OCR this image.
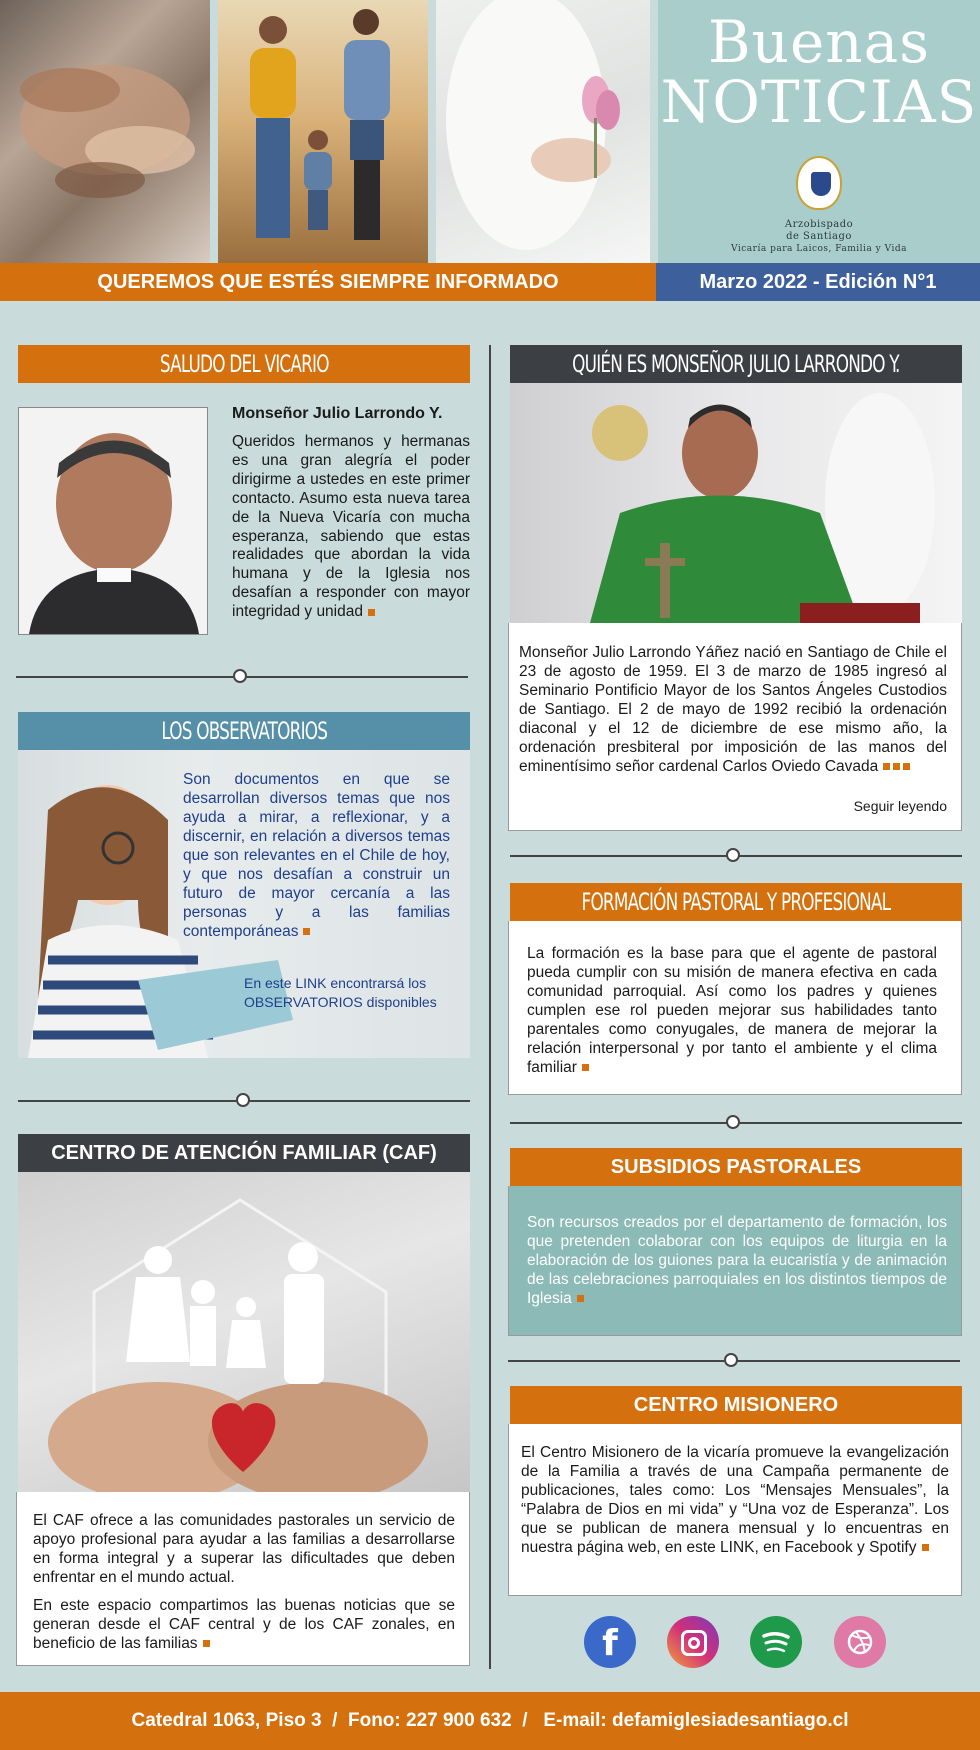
Buenas
NOTICIAS
Arzobispado
de Santiago
Vicaría para Laicos, Familia y Vida
QUEREMOS QUE ESTÉS SIEMPRE INFORMADO	Marzo 2022 - Edición N°1
SALUDO DEL VICARIO
Monseñor Julio Larrondo Y.
Queridos hermanos y hermanas es una gran alegría el poder dirigirme a ustedes en este primer contacto. Asumo esta nueva tarea de la Nueva Vicaría con mucha esperanza, sabiendo que estas realidades que abordan la vida humana y de la Iglesia nos desafían a responder con mayor integridad y unidad
LOS OBSERVATORIOS
Son documentos en que se desarrollan diversos temas que nos ayuda a mirar, a reflexionar, y a discernir, en relación a diversos temas que son relevantes en el Chile de hoy, y que nos desafían a construir un futuro de mayor cercanía a las personas y a las familias contemporáneas
En este LINK encontrarsá los
OBSERVATORIOS disponibles
CENTRO DE ATENCIÓN FAMILIAR (CAF)
El CAF ofrece a las comunidades pastorales un servicio de apoyo profesional para ayudar a las familias a desarrollarse en forma integral y a superar las dificultades que deben enfrentar en el mundo actual.
En este espacio compartimos las buenas noticias que se generan desde el CAF central y de los CAF zonales, en beneficio de las familias
QUIÉN ES MONSEÑOR JULIO LARRONDO Y.
Monseñor Julio Larrondo Yáñez nació en Santiago de Chile el 23 de agosto de 1959. El 3 de marzo de 1985 ingresó al Seminario Pontificio Mayor de los Santos Ángeles Custodios de Santiago. El 2 de mayo de 1992 recibió la ordenación diaconal y el 12 de diciembre de ese mismo año, la ordenación presbiteral por imposición de las manos del eminentísimo señor cardenal Carlos Oviedo Cavada
Seguir leyendo
FORMACIÓN PASTORAL Y PROFESIONAL
La formación es la base para que el agente de pastoral pueda cumplir con su misión de manera efectiva en cada comunidad parroquial. Así como los padres y quienes cumplen ese rol pueden mejorar sus habilidades tanto parentales como conyugales, de manera de mejorar la relación interpersonal y por tanto el ambiente y el clima familiar
SUBSIDIOS PASTORALES
Son recursos creados por el departamento de formación, los que pretenden colaborar con los equipos de liturgia en la elaboración de los guiones para la eucaristía y de animación de las celebraciones parroquiales en los distintos tiempos de Iglesia
CENTRO MISIONERO
El Centro Misionero de la vicaría promueve la evangelización de la Familia a través de una Campaña permanente de publicaciones, tales como: Los “Mensajes Mensuales”, la “Palabra de Dios en mi vida” y “Una voz de Esperanza”. Los que se publican de manera mensual y lo encuentras en nuestra página web, en este LINK, en Facebook y Spotify
f
Catedral 1063, Piso 3  /  Fono: 227 900 632  /   E-mail: defamiglesiadesantiago.cl
